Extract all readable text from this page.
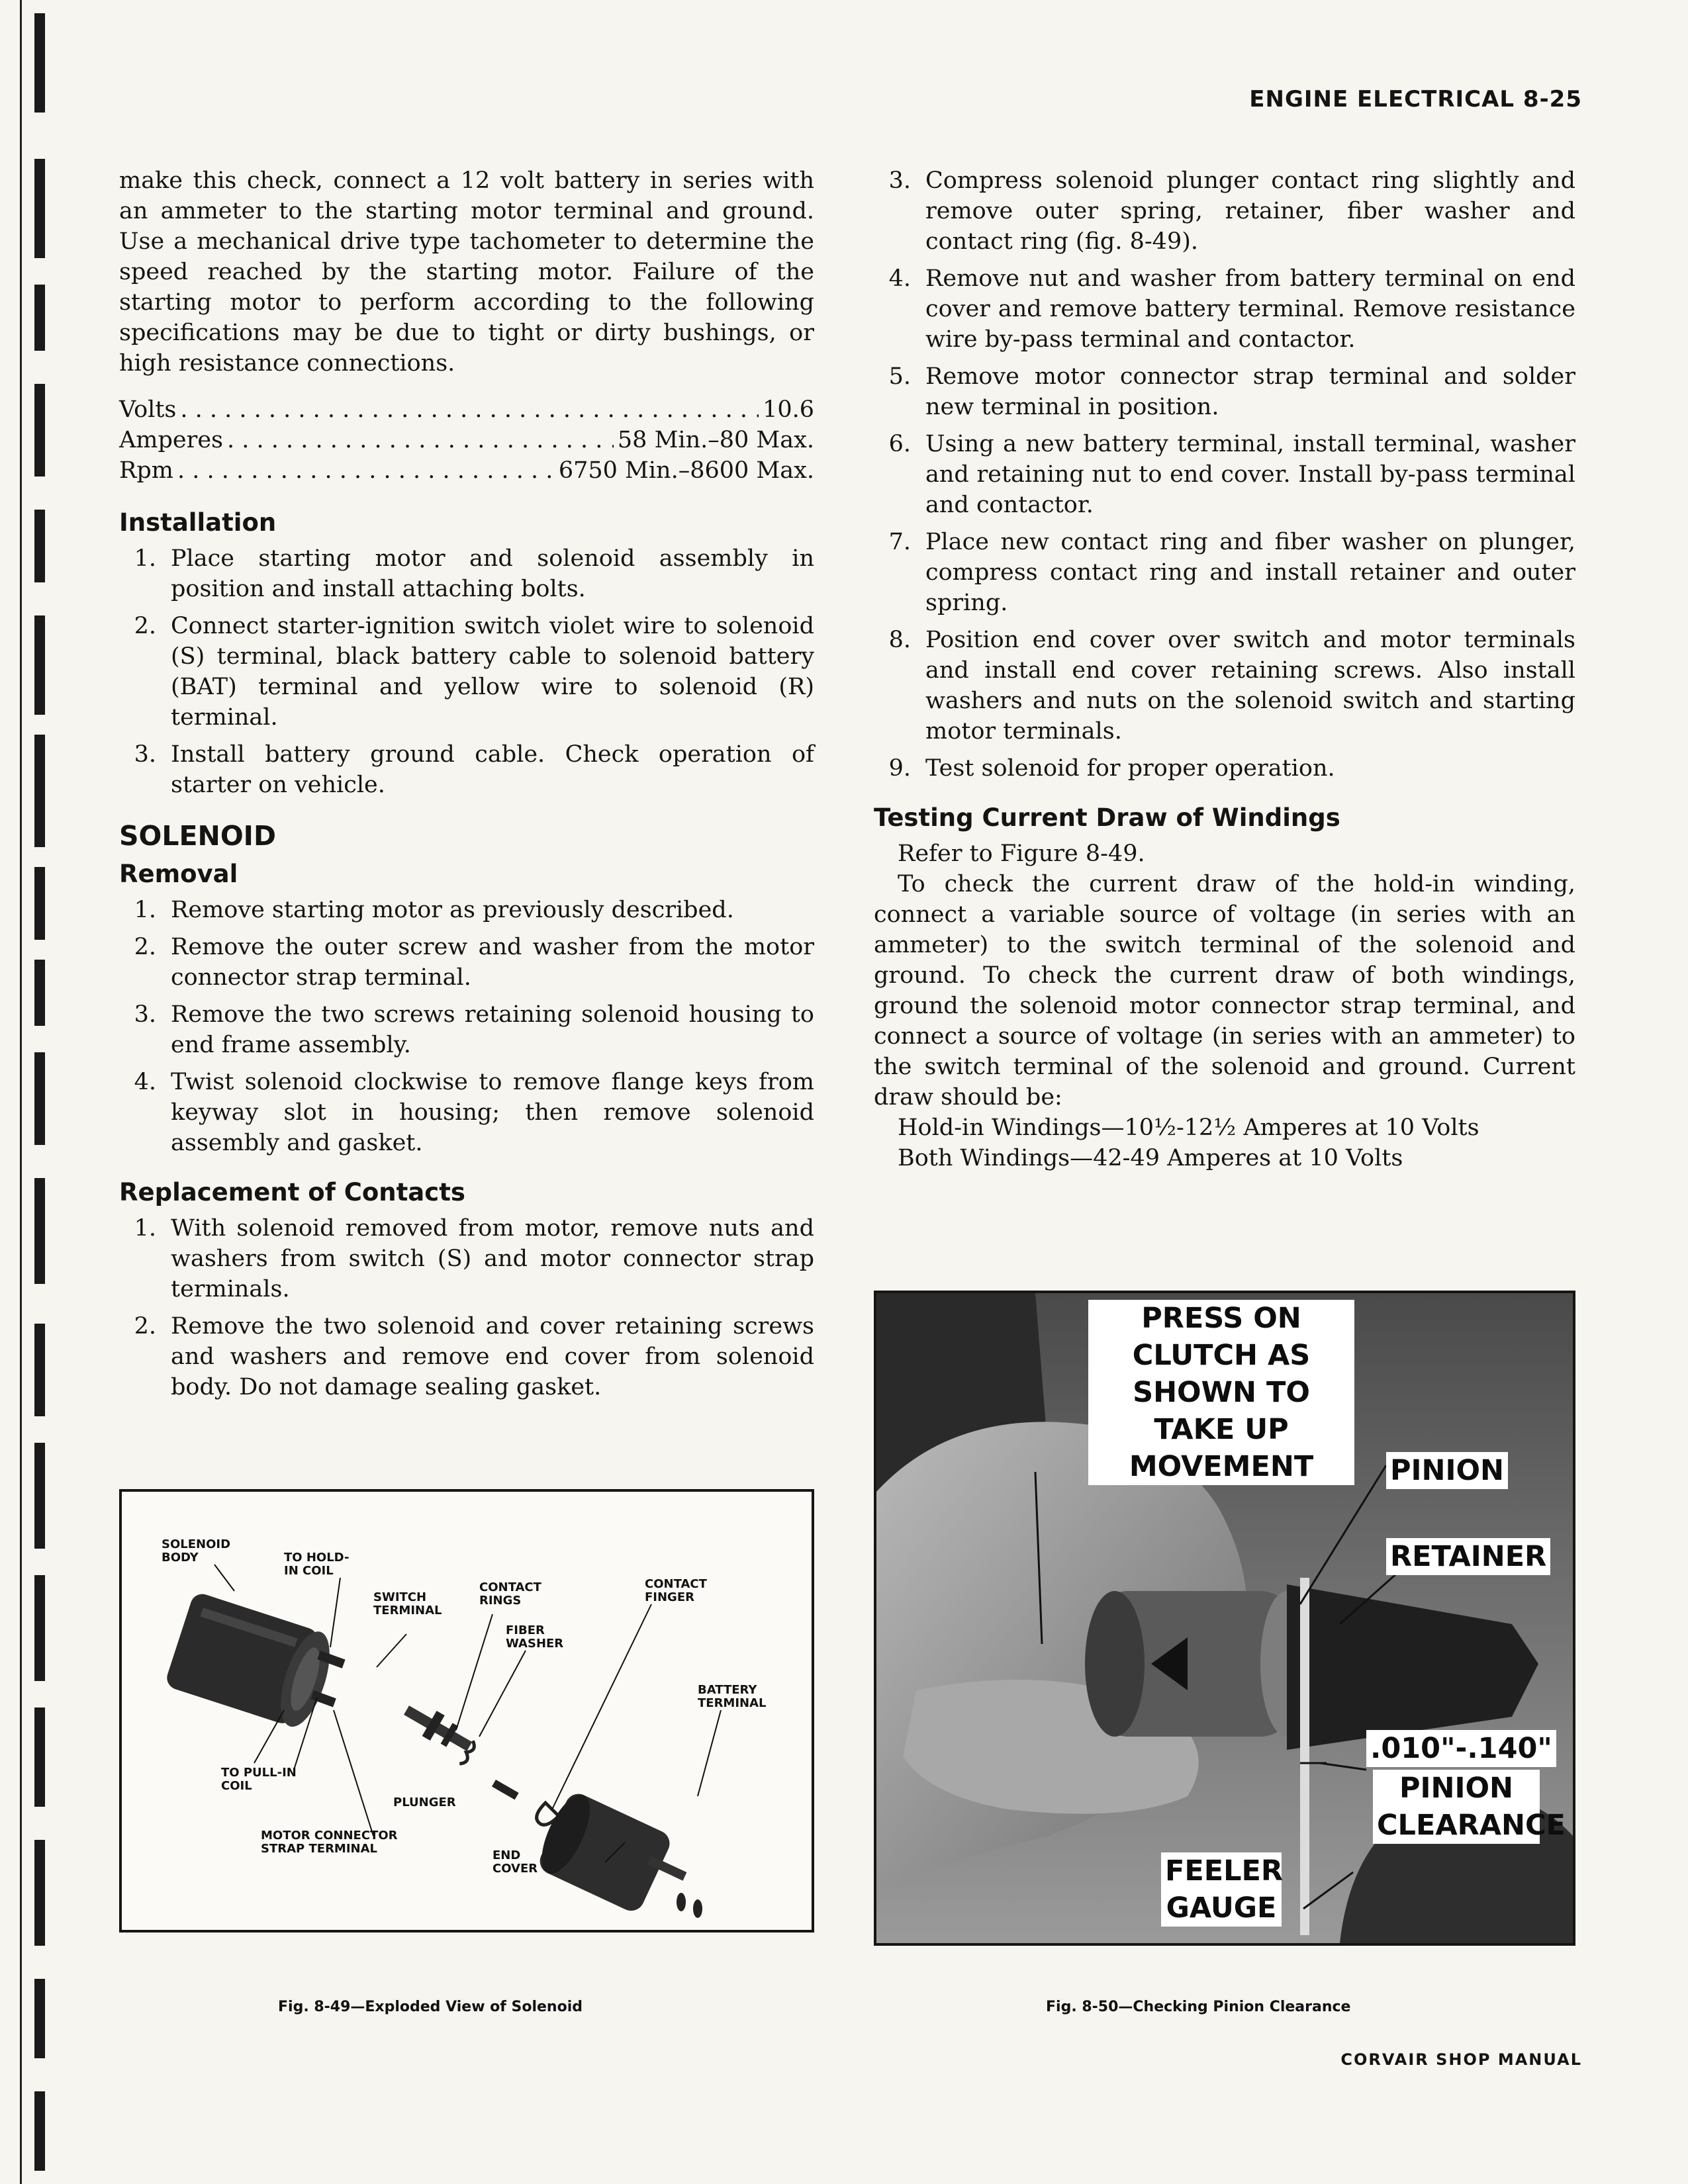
ENGINE ELECTRICAL 8-25

make this check, connect a 12 volt battery in series with an ammeter to the starting motor terminal and ground. Use a mechanical drive type tachometer to determine the speed reached by the starting motor. Failure of the starting motor to perform according to the following specifications may be due to tight or dirty bushings, or high resistance connections.

Volts . . .	10.6
Amperes . . .	58 Min.–80 Max.
Rpm . . .	6750 Min.–8600 Max.
Installation
1. Place starting motor and solenoid assembly in position and install attaching bolts.
2. Connect starter-ignition switch violet wire to solenoid (S) terminal, black battery cable to solenoid battery (BAT) terminal and yellow wire to solenoid (R) terminal.
3. Install battery ground cable. Check operation of starter on vehicle.
SOLENOID
Removal
1. Remove starting motor as previously described.
2. Remove the outer screw and washer from the motor connector strap terminal.
3. Remove the two screws retaining solenoid housing to end frame assembly.
4. Twist solenoid clockwise to remove flange keys from keyway slot in housing; then remove solenoid assembly and gasket.
Replacement of Contacts
1. With solenoid removed from motor, remove nuts and washers from switch (S) and motor connector strap terminals.
2. Remove the two solenoid and cover retaining screws and washers and remove end cover from solenoid body. Do not damage sealing gasket.
3. Compress solenoid plunger contact ring slightly and remove outer spring, retainer, fiber washer and contact ring (fig. 8-49).
4. Remove nut and washer from battery terminal on end cover and remove battery terminal. Remove resistance wire by-pass terminal and contactor.
5. Remove motor connector strap terminal and solder new terminal in position.
6. Using a new battery terminal, install terminal, washer and retaining nut to end cover. Install by-pass terminal and contactor.
7. Place new contact ring and fiber washer on plunger, compress contact ring and install retainer and outer spring.
8. Position end cover over switch and motor terminals and install end cover retaining screws. Also install washers and nuts on the solenoid switch and starting motor terminals.
9. Test solenoid for proper operation.
Testing Current Draw of Windings

Refer to Figure 8-49.

To check the current draw of the hold-in winding, connect a variable source of voltage (in series with an ammeter) to the switch terminal of the solenoid and ground. To check the current draw of both windings, ground the solenoid motor connector strap terminal, and connect a source of voltage (in series with an ammeter) to the switch terminal of the solenoid and ground. Current draw should be:

Hold-in Windings—10½-12½ Amperes at 10 Volts
Both Windings—42-49 Amperes at 10 Volts
SOLENOID BODY	TO HOLD-IN COIL
SWITCH TERMINAL
CONTACT RINGS
FIBER WASHER
CONTACT FINGER
BATTERY TERMINAL
TO PULL-IN COIL
PLUNGER
MOTOR CONNECTOR STRAP TERMINAL	END COVER
Fig. 8-49—Exploded View of Solenoid
PRESS ON CLUTCH AS SHOWN TO TAKE UP MOVEMENT	PINION
RETAINER
.010"-.140"
PINION CLEARANCE
FEELER GAUGE
Fig. 8-50—Checking Pinion Clearance
CORVAIR SHOP MANUAL
